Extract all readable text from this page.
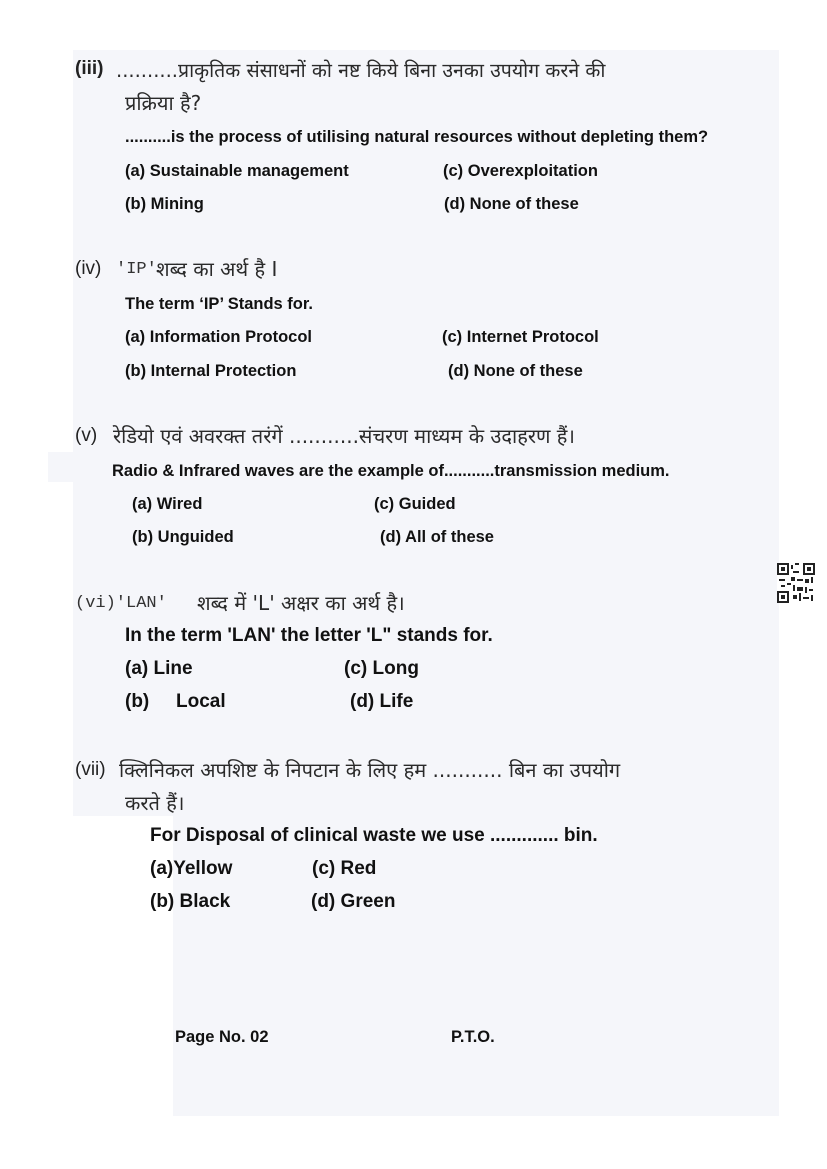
(iii) ..........प्राकृतिक संसाधनों को नष्ट किये बिना उनका उपयोग करने की
प्रक्रिया है?
..........is the process of utilising natural resources without depleting them?
(a) Sustainable management	(c) Overexploitation
(b) Mining	(d) None of these
(iv) 'IP' शब्द का अर्थ है I
The term ‘IP’ Stands for.
(a) Information Protocol	(c) Internet Protocol
(b) Internal Protection	(d) None of these
(v) रेडियो एवं अवरक्त तरंगें ...........संचरण माध्यम के उदाहरण हैं।
Radio & Infrared waves are the example of...........transmission medium.
(a) Wired	(c) Guided
(b) Unguided	(d) All of these
(vi)'LAN' शब्द में 'L' अक्षर का अर्थ है।
In the term 'LAN' the letter 'L" stands for.
(a) Line	(c) Long
(b) Local	(d) Life
(vii) क्लिनिकल अपशिष्ट के निपटान के लिए हम ........... बिन का उपयोग
करते हैं।
For Disposal of clinical waste we use ............. bin.
(a)Yellow	(c) Red
(b) Black	(d) Green
Page No. 02	P.T.O.
